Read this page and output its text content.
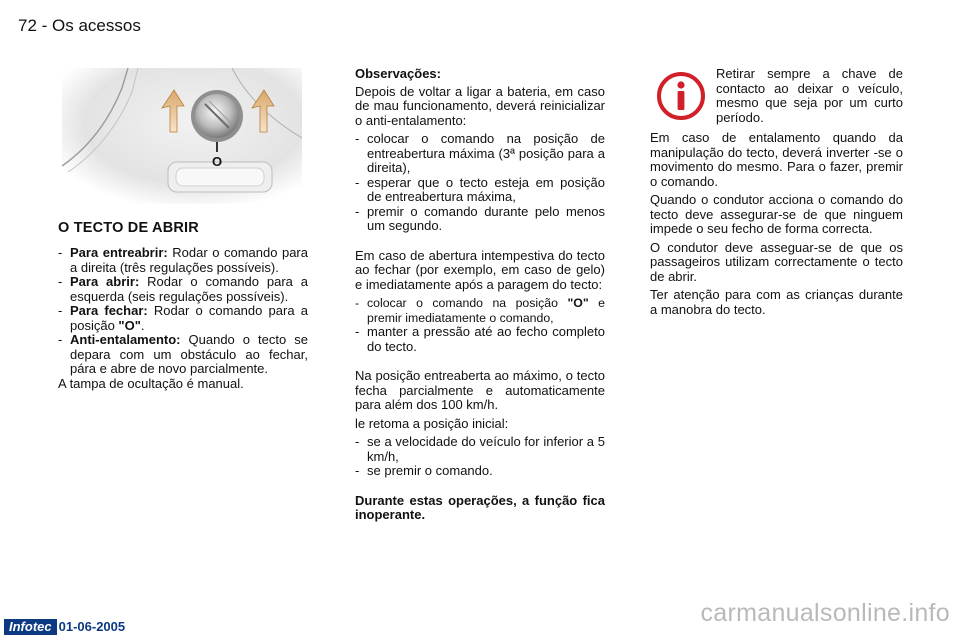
72 - Os acessos
O
O TECTO DE ABRIR
- Para entreabrir: Rodar o comando para a direita (três regulações possíveis).
- Para abrir: Rodar o comando para a esquerda (seis regulações possíveis).
- Para fechar: Rodar o comando para a posição "O".
- Anti-entalamento: Quando o tecto se depara com um obstáculo ao fechar, pára e abre de novo parcialmente.

A tampa de ocultação é manual.

Observações:

Depois de voltar a ligar a bateria, em caso de mau funcionamento, deverá reinicializar o anti-entalamento:

- colocar o comando na posição de entreabertura máxima (3ª posição para a direita),
- esperar que o tecto esteja em posição de entreabertura máxima,
- premir o comando durante pelo menos um segundo.

Em caso de abertura intempestiva do tecto ao fechar (por exemplo, em caso de gelo) e imediatamente após a paragem do tecto:

- colocar o comando na posição "O" e premir imediatamente o comando,
- manter a pressão até ao fecho completo do tecto.

Na posição entreaberta ao máximo, o tecto fecha parcialmente e automaticamente para além dos 100 km/h.

le retoma a posição inicial:

- se a velocidade do veículo for inferior a 5 km/h,
- se premir o comando.

Durante estas operações, a função fica inoperante.

Retirar sempre a chave de contacto ao deixar o veículo, mesmo que seja por um curto período.

Em caso de entalamento quando da manipulação do tecto, deverá inverter -se o movimento do mesmo. Para o fazer, premir o comando.

Quando o condutor acciona o comando do tecto deve assegurar-se de que ninguem impede o seu fecho de forma correcta.

O condutor deve asseguar-se de que os passageiros utilizam correctamente o tecto de abrir.

Ter atenção para com as crianças durante a manobra do tecto.

Infotec 01-06-2005	carmanualsonline.info
